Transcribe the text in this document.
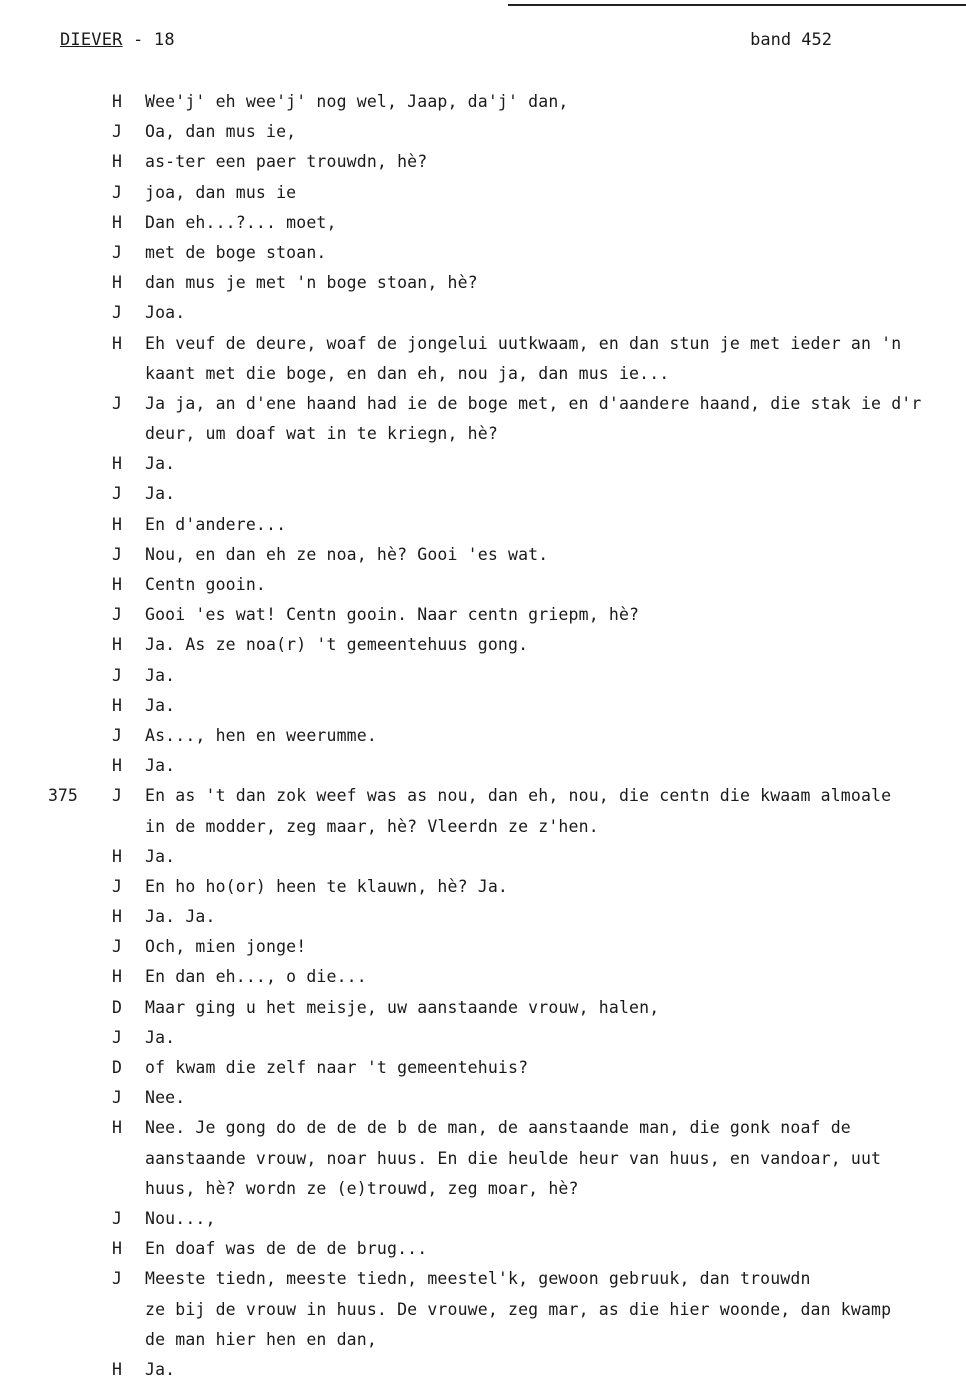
DIEVER - 18	band 452
H Wee'j' eh wee'j' nog wel, Jaap, da'j' dan,
J Oa, dan mus ie,
H as-ter een paer trouwdn, hè?
J joa, dan mus ie
H Dan eh...?... moet,
J met de boge stoan.
H dan mus je met 'n boge stoan, hè?
J Joa.
H Eh veuf de deure, woaf de jongelui uutkwaam, en dan stun je met ieder an 'n
kaant met die boge, en dan eh, nou ja, dan mus ie...
J Ja ja, an d'ene haand had ie de boge met, en d'aandere haand, die stak ie d'r
deur, um doaf wat in te kriegn, hè?
H Ja.
J Ja.
H En d'andere...
J Nou, en dan eh ze noa, hè? Gooi 'es wat.
H Centn gooin.
J Gooi 'es wat! Centn gooin. Naar centn griepm, hè?
H Ja. As ze noa(r) 't gemeentehuus gong.
J Ja.
H Ja.
J As..., hen en weerumme.
H Ja.
375 J En as 't dan zok weef was as nou, dan eh, nou, die centn die kwaam almoale
in de modder, zeg maar, hè? Vleerdn ze z'hen.
H Ja.
J En ho ho(or) heen te klauwn, hè? Ja.
H Ja. Ja.
J Och, mien jonge!
H En dan eh..., o die...
D Maar ging u het meisje, uw aanstaande vrouw, halen,
J Ja.
D of kwam die zelf naar 't gemeentehuis?
J Nee.
H Nee. Je gong do de de de b de man, de aanstaande man, die gonk noaf de
aanstaande vrouw, noar huus. En die heulde heur van huus, en vandoar, uut
huus, hè? wordn ze (e)trouwd, zeg moar, hè?
J Nou...,
H En doaf was de de de brug...
J Meeste tiedn, meeste tiedn, meestel'k, gewoon gebruuk, dan trouwdn
ze bij de vrouw in huus. De vrouwe, zeg mar, as die hier woonde, dan kwamp
de man hier hen en dan,
H Ja.
